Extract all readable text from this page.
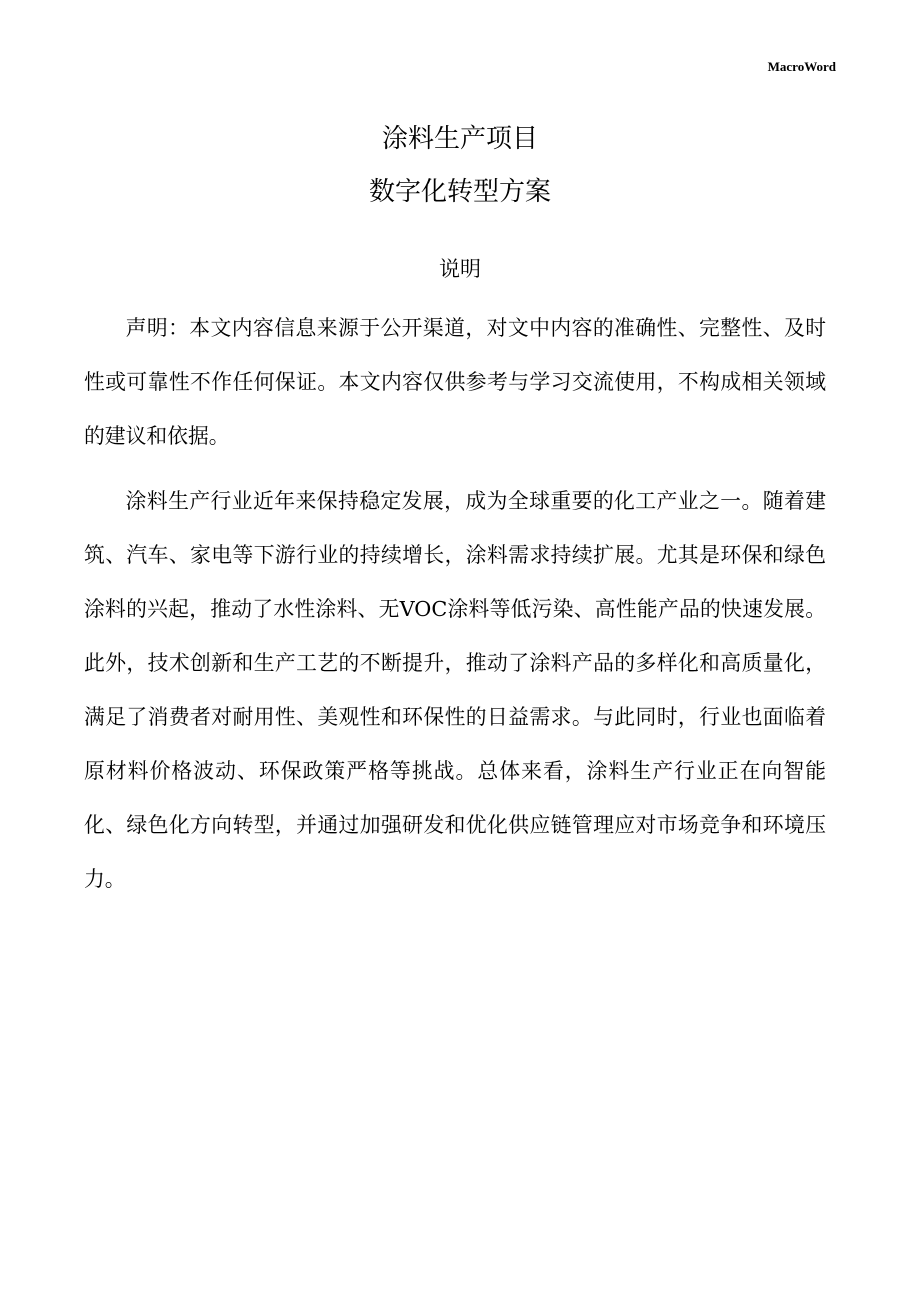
MacroWord
涂料生产项目
数字化转型方案
说明

声明：本文内容信息来源于公开渠道，对文中内容的准确性、完整性、及时性或可靠性不作任何保证。本文内容仅供参考与学习交流使用，不构成相关领域的建议和依据。

涂料生产行业近年来保持稳定发展，成为全球重要的化工产业之一。随着建筑、汽车、家电等下游行业的持续增长，涂料需求持续扩展。尤其是环保和绿色涂料的兴起，推动了水性涂料、无VOC涂料等低污染、高性能产品的快速发展。此外，技术创新和生产工艺的不断提升，推动了涂料产品的多样化和高质量化，满足了消费者对耐用性、美观性和环保性的日益需求。与此同时，行业也面临着原材料价格波动、环保政策严格等挑战。总体来看，涂料生产行业正在向智能化、绿色化方向转型，并通过加强研发和优化供应链管理应对市场竞争和环境压力。
